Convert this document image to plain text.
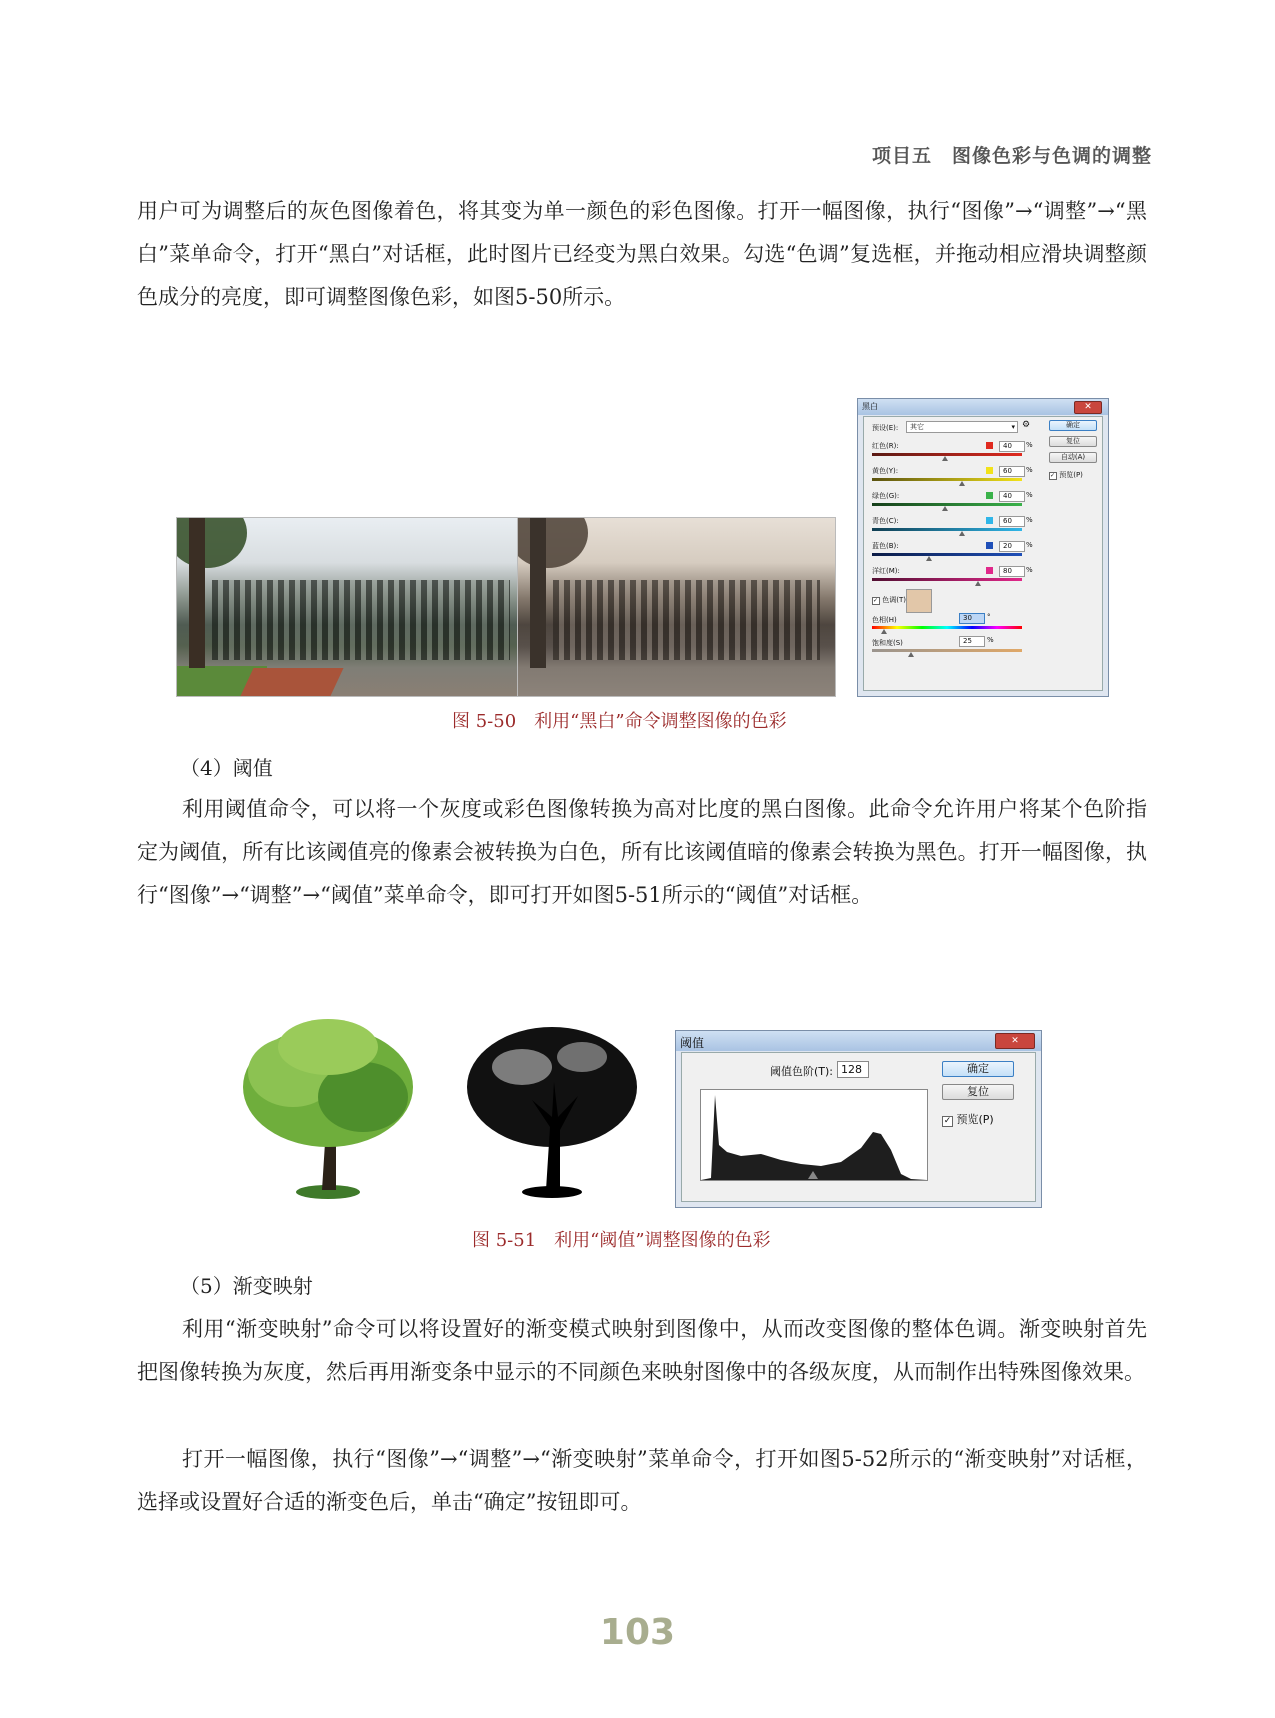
项目五　图像色彩与色调的调整

用户可为调整后的灰色图像着色，将其变为单一颜色的彩色图像。打开一幅图像，执行“图像”→“调整”→“黑白”菜单命令，打开“黑白”对话框，此时图片已经变为黑白效果。勾选“色调”复选框，并拖动相应滑块调整颜色成分的亮度，即可调整图像色彩，如图5-50所示。

黑白	✕
预设(E):	其它	▾ ⚙	确定
复位
自动(A)
✓ 预览(P)
红色(R):	40	%
黄色(Y):	60	%
绿色(G):	40	%
青色(C):	60	%
蓝色(B):	20	%
洋红(M):	80	%
✓ 色调(T)
色相(H)	30	°
饱和度(S)	25	%
图 5-50　利用“黑白”命令调整图像的色彩
（4）阈值

利用阈值命令，可以将一个灰度或彩色图像转换为高对比度的黑白图像。此命令允许用户将某个色阶指定为阈值，所有比该阈值亮的像素会被转换为白色，所有比该阈值暗的像素会转换为黑色。打开一幅图像，执行“图像”→“调整”→“阈值”菜单命令，即可打开如图5-51所示的“阈值”对话框。

阈值	✕
阈值色阶(T): 128	确定
复位
✓ 预览(P)
图 5-51　利用“阈值”调整图像的色彩
（5）渐变映射

利用“渐变映射”命令可以将设置好的渐变模式映射到图像中，从而改变图像的整体色调。渐变映射首先把图像转换为灰度，然后再用渐变条中显示的不同颜色来映射图像中的各级灰度，从而制作出特殊图像效果。

打开一幅图像，执行“图像”→“调整”→“渐变映射”菜单命令，打开如图5-52所示的“渐变映射”对话框，选择或设置好合适的渐变色后，单击“确定”按钮即可。

103
